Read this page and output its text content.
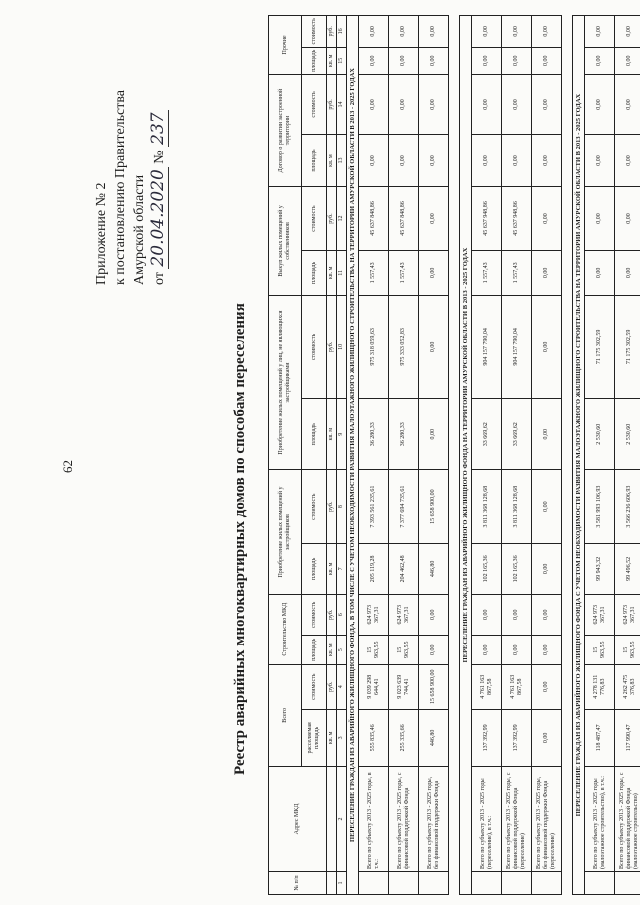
62
Приложение № 2 к постановлению Правительства Амурской области от 20.04.2020 № 237
Реестр аварийных многоквартирных домов по способам переселения
№ п/п	Адрес МКД	Всего		Строительство МКД		Приобретение жилых помещений у застройщиков		Приобретение жилых помещений у лиц, не являющихся застройщиками		Выкуп жилых помещений у собственников		Договор о развитии застроенной территории		Прочие	
		расселяемая площадь	стоимость	площадь	стоимость	площадь	стоимость	площадь	стоимость	площадь	стоимость	площадь	стоимость	площадь	стоимость
		кв. м	руб.	кв. м	руб.	кв. м	руб.	кв. м	руб.	кв. м	руб.	кв. м	руб.	кв. м	руб.
1	2	3	4	5	6	7	8	9	10	11	12	13	14	15	16
ПЕРЕСЕЛЕНИЕ ГРАЖДАН ИЗ АВАРИЙНОГО ЖИЛИЩНОГО ФОНДА, В ТОМ ЧИСЛЕ С УЧЕТОМ НЕОБХОДИМОСТИ РАЗВИТИЯ МАЛОЭТАЖНОГО ЖИЛИЩНОГО СТРОИТЕЛЬСТВА, НА ТЕРРИТОРИИ АМУРСКОЙ ОБЛАСТИ В 2013 - 2025 ГОДАХ															
	Всего по субъекту 2013 - 2025 годы, в т.ч.:	555 835,46	9 039 298 644,41	15 963,55	624 973 367,31	205 119,28	7 393 561 235,61	36 280,33	975 318 059,63	1 557,43	45 637 848,86	0,00	0,00	0,00	0,00
	Всего по субъекту 2013 - 2025 годы, с финансовой поддержкой Фонда	255 335,66	9 023 639 744,41	15 963,55	624 973 367,31	204 462,48	7 377 694 735,61	36 280,33	975 333 052,83	1 557,43	45 637 848,86	0,00	0,00	0,00	0,00
	Всего по субъекту 2013 - 2025 годы, без финансовой поддержки Фонда	446,80	15 658 900,00	0,00	0,00	446,80	15 658 900,00	0,00	0,00	0,00	0,00	0,00	0,00	0,00	0,00

ПЕРЕСЕЛЕНИЕ ГРАЖДАН ИЗ АВАРИЙНОГО ЖИЛИЩНОГО ФОНДА НА ТЕРРИТОРИИ АМУРСКОЙ ОБЛАСТИ В 2013 - 2025 ГОДАХ															
	Всего по субъекту 2013 - 2025 годы (переселение), в т.ч.:	137 392,99	4 761 163 867,58	0,00	0,00	102 165,36	3 811 368 128,68	33 669,62	904 157 790,04	1 557,43	45 637 948,86	0,00	0,00	0,00	0,00
	Всего по субъекту 2013 - 2025 годы, с финансовой поддержкой Фонда (переселение)	137 392,99	4 761 163 867,58	0,00	0,00	102 165,36	3 811 368 128,68	33 669,62	904 157 790,04	1 557,43	45 637 948,86	0,00	0,00	0,00	0,00
	Всего по субъекту 2013 - 2025 годы, без финансовой поддержки Фонда (переселение)	0,00	0,00	0,00	0,00	0,00	0,00	0,00	0,00	0,00	0,00	0,00	0,00	0,00	0,00

ПЕРЕСЕЛЕНИЕ ГРАЖДАН ИЗ АВАРИЙНОГО ЖИЛИЩНОГО ФОНДА С УЧЕТОМ НЕОБХОДИМОСТИ РАЗВИТИЯ МАЛОЭТАЖНОГО ЖИЛИЩНОГО СТРОИТЕЛЬСТВА НА ТЕРРИТОРИИ АМУРСКОЙ ОБЛАСТИ В 2013 - 2025 ГОДАХ															
	Всего по субъекту 2013 - 2025 годы (малоэтажное строительство), в т.ч.:	118 487,47	4 278 131 776,83	15 963,55	624 973 367,31	99 943,32	3 581 993 106,93	2 530,60	71 175 302,59	0,00	0,00	0,00	0,00	0,00	0,00
	Всего по субъекту 2013 - 2025 годы, с финансовой поддержкой Фонда (малоэтажное строительство)	117 990,47	4 262 475 376,83	15 963,55	624 973 367,31	99 496,52	3 566 236 606,93	2 530,60	71 175 302,59	0,00	0,00	0,00	0,00	0,00	0,00
